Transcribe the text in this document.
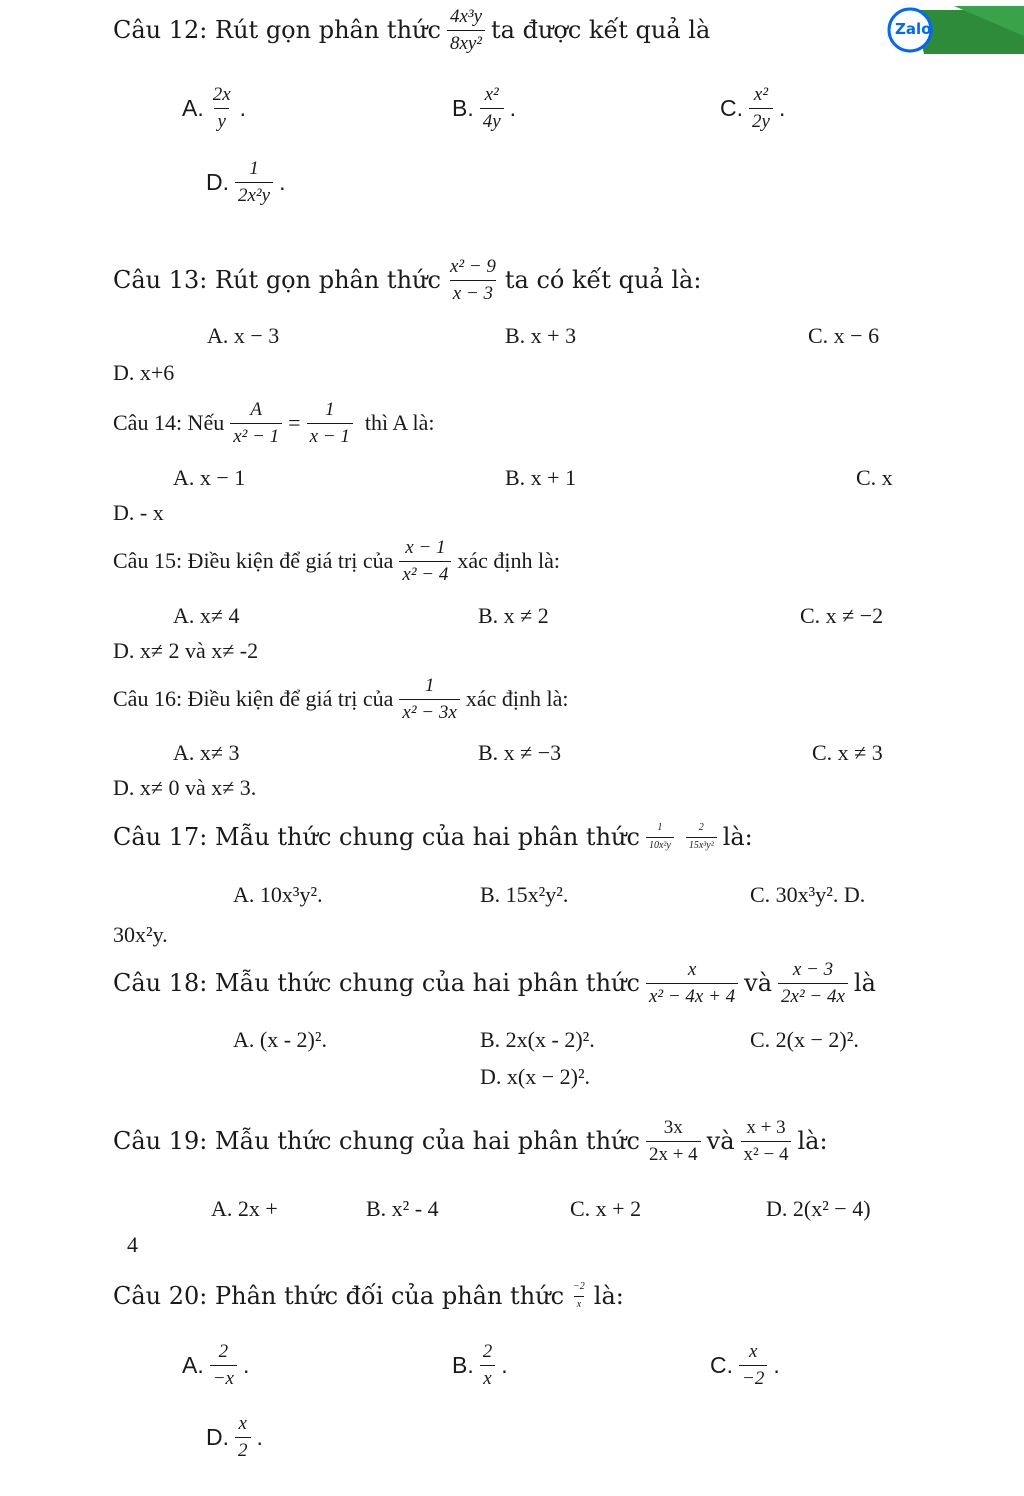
Zalo
Câu 12: Rút gọn phân thức $\frac{\text{4x³y}}{\text{8xy²}}$ ta được kết quả là
A. $\frac{2x}{y}$ .	B. $\frac{\text{x²}}{4y}$ .	C. $\frac{\text{x²}}{2y}$ .
D. $\frac{1}{\text{2x²y}}$ .
Câu 13: Rút gọn phân thức $\frac{\text{x² − 9}}{x - 3}$ ta có kết quả là:
A. x − 3	B. x + 3	C. x − 6
D. x+6
Câu 14: Nếu $\frac{A}{\text{x² − 1}} = \frac{1}{x - 1}$ thì A là:
A. x − 1	B. x + 1	C. x
D. - x
Câu 15: Điều kiện để giá trị của $\frac{x - 1}{\text{x² − 4}}$ xác định là:
A. x≠ 4	B. x ≠ 2	C. x ≠ −2
D. x≠ 2 và x≠ -2
Câu 16: Điều kiện để giá trị của $\frac{1}{\text{x² − 3x}}$ xác định là:
A. x≠ 3	B. x ≠ −3	C. x ≠ 3
D. x≠ 0 và x≠ 3.
Câu 17: Mẫu thức chung của hai phân thức $\frac{1}{\text{10x²y}} \frac{2}{\text{15x³y²}}$ là:
A. 10x³y².	B. 15x²y².	C. 30x³y². D.
30x²y.
Câu 18: Mẫu thức chung của hai phân thức $\frac{x}{\text{x² − 4x + 4}}$ và $\frac{x - 3}{\text{2x² − 4x}}$ là
A. (x - 2)².	B. 2x(x - 2)².	C. 2(x − 2)².
D. x(x − 2)².
Câu 19: Mẫu thức chung của hai phân thức $\frac{3x}{2x + 4}$ và $\frac{x + 3}{\text{x² − 4}}$ là:
A. 2x +	B. x² - 4	C. x + 2	D. 2(x² − 4)
4
Câu 20: Phân thức đối của phân thức $\frac{-2}{x}$ là:
A. $\frac{2}{-x}$ .	B. $\frac{2}{x}$ .	C. $\frac{x}{-2}$ .
D. $\frac{x}{2}$ .
